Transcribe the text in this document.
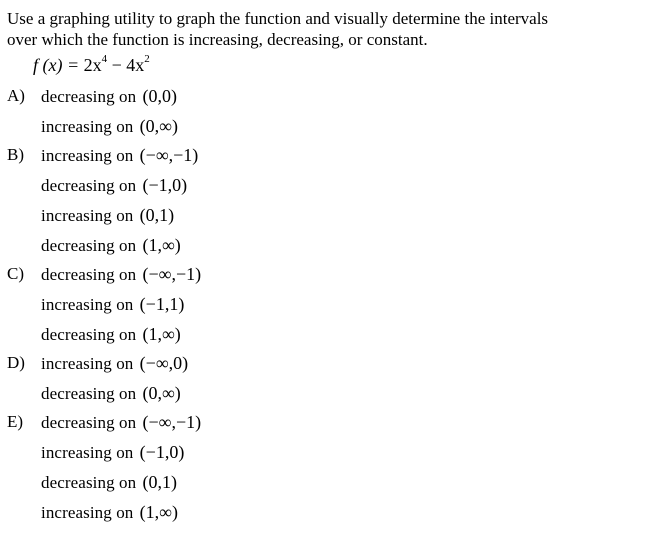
Use a graphing utility to graph the function and visually determine the intervals
over which the function is increasing, decreasing, or constant.
f $(x) = 2x^4 - 4x^2$
A) decreasing on (0,0)
increasing on (0,∞)
B) increasing on (−∞,−1)
decreasing on (−1,0)
increasing on (0,1)
decreasing on (1,∞)
C) decreasing on (−∞,−1)
increasing on (−1,1)
decreasing on (1,∞)
D) increasing on (−∞,0)
decreasing on (0,∞)
E) decreasing on (−∞,−1)
increasing on (−1,0)
decreasing on (0,1)
increasing on (1,∞)
